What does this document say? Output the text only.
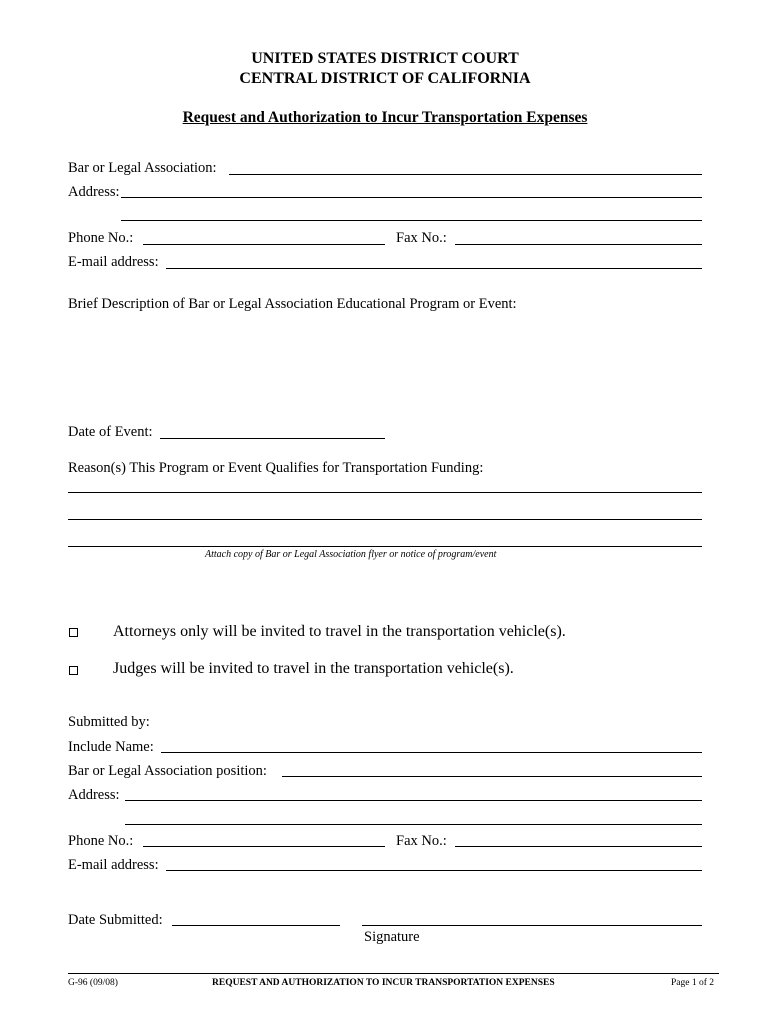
UNITED STATES DISTRICT COURT
CENTRAL DISTRICT OF CALIFORNIA
Request and Authorization to Incur Transportation Expenses
Bar or Legal Association:
Address:
Phone No.:	Fax No.:
E-mail address:
Brief Description of Bar or Legal Association Educational Program or Event:
Date of Event:
Reason(s) This Program or Event Qualifies for Transportation Funding:
Attach copy of Bar or Legal Association flyer or notice of program/event
Attorneys only will be invited to travel in the transportation vehicle(s).
Judges will be invited to travel in the transportation vehicle(s).
Submitted by:
Include Name:
Bar or Legal Association position:
Address:
Phone No.:	Fax No.:
E-mail address:
Date Submitted:
Signature
G-96 (09/08)	REQUEST AND AUTHORIZATION TO INCUR TRANSPORTATION EXPENSES	Page 1 of 2
